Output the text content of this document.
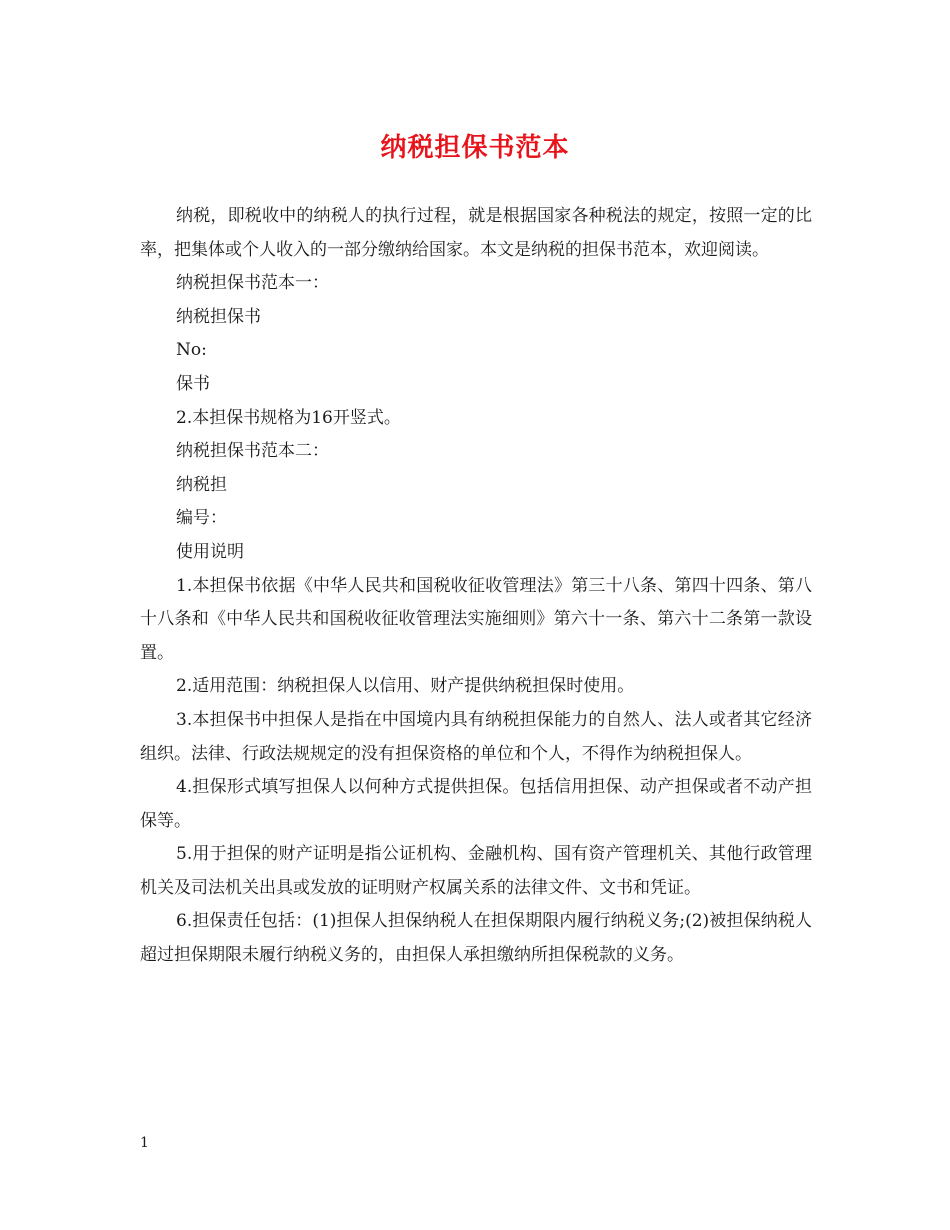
纳税担保书范本

纳税，即税收中的纳税人的执行过程，就是根据国家各种税法的规定，按照一定的比率，把集体或个人收入的一部分缴纳给国家。本文是纳税的担保书范本，欢迎阅读。

纳税担保书范本一：

纳税担保书

No:

保书

2.本担保书规格为16开竖式。

纳税担保书范本二：

纳税担

编号：

使用说明

1.本担保书依据《中华人民共和国税收征收管理法》第三十八条、第四十四条、第八十八条和《中华人民共和国税收征收管理法实施细则》第六十一条、第六十二条第一款设置。

2.适用范围：纳税担保人以信用、财产提供纳税担保时使用。

3.本担保书中担保人是指在中国境内具有纳税担保能力的自然人、法人或者其它经济组织。法律、行政法规规定的没有担保资格的单位和个人，不得作为纳税担保人。

4.担保形式填写担保人以何种方式提供担保。包括信用担保、动产担保或者不动产担保等。

5.用于担保的财产证明是指公证机构、金融机构、国有资产管理机关、其他行政管理机关及司法机关出具或发放的证明财产权属关系的法律文件、文书和凭证。

6.担保责任包括：(1)担保人担保纳税人在担保期限内履行纳税义务;(2)被担保纳税人超过担保期限未履行纳税义务的，由担保人承担缴纳所担保税款的义务。

1
